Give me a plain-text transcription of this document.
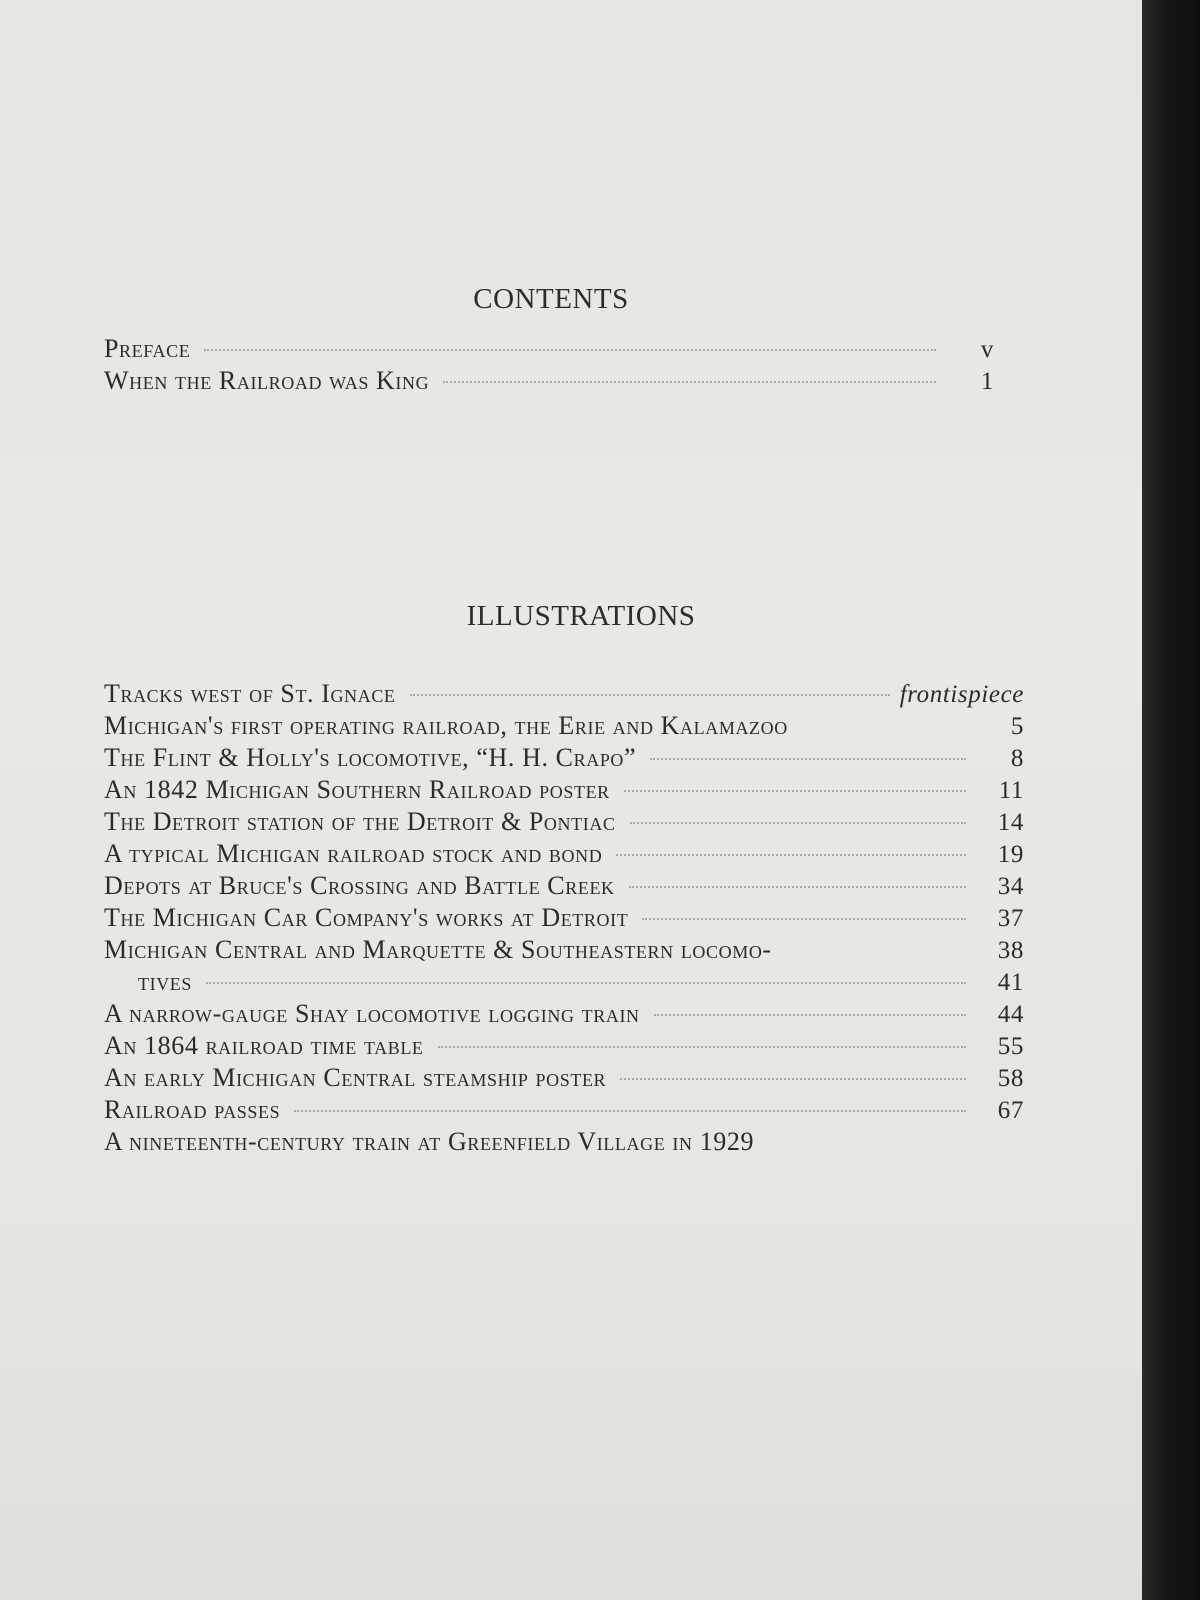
CONTENTS
Preface	v
When the Railroad was King	1
ILLUSTRATIONS
Tracks west of St. Ignace	frontispiece
Michigan's first operating railroad, the Erie and Kalamazoo	5
The Flint & Holly's locomotive, “H. H. Crapo”	8
An 1842 Michigan Southern Railroad poster	11
The Detroit station of the Detroit & Pontiac	14
A typical Michigan railroad stock and bond	19
Depots at Bruce's Crossing and Battle Creek	34
The Michigan Car Company's works at Detroit	37
Michigan Central and Marquette & Southeastern locomo-	38
tives	41
A narrow-gauge Shay locomotive logging train	44
An 1864 railroad time table	55
An early Michigan Central steamship poster	58
Railroad passes	67
A nineteenth-century train at Greenfield Village in 1929
